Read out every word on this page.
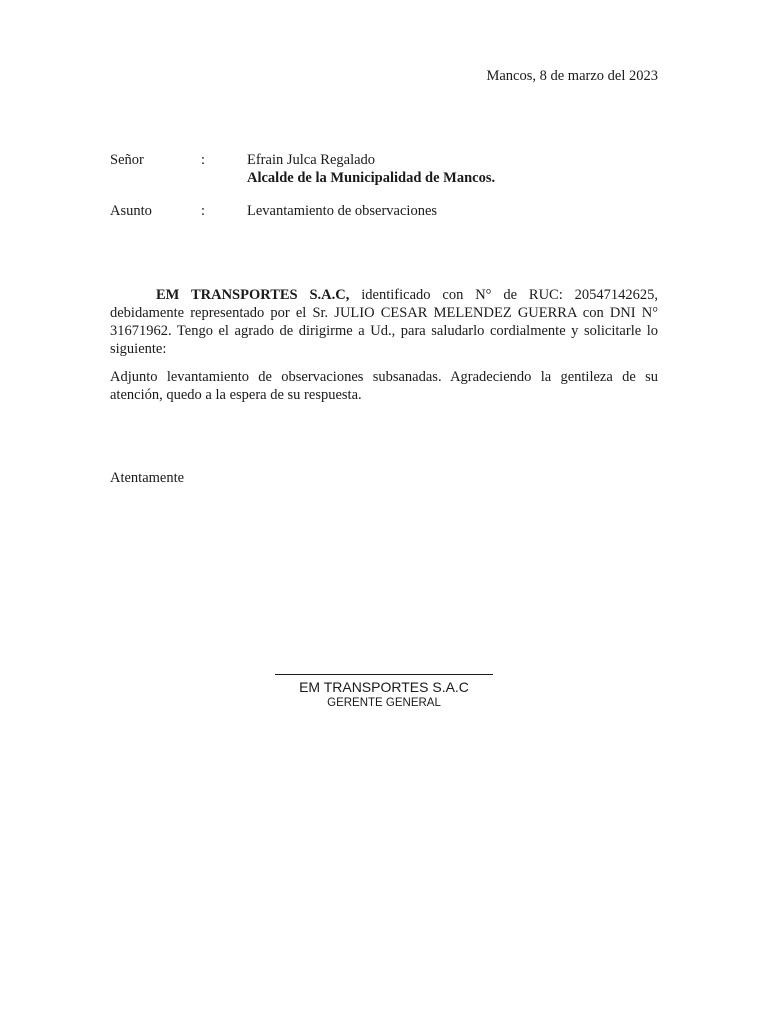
Mancos, 8 de marzo del 2023
Señor	:	Efrain Julca Regalado
Alcalde de la Municipalidad de Mancos.
Asunto	:	Levantamiento de observaciones
EM TRANSPORTES S.A.C, identificado con N° de RUC: 20547142625, debidamente representado por el Sr. JULIO CESAR MELENDEZ GUERRA con DNI N° 31671962. Tengo el agrado de dirigirme a Ud., para saludarlo cordialmente y solicitarle lo siguiente:
Adjunto levantamiento de observaciones subsanadas. Agradeciendo la gentileza de su atención, quedo a la espera de su respuesta.
Atentamente
EM TRANSPORTES S.A.C
GERENTE GENERAL
